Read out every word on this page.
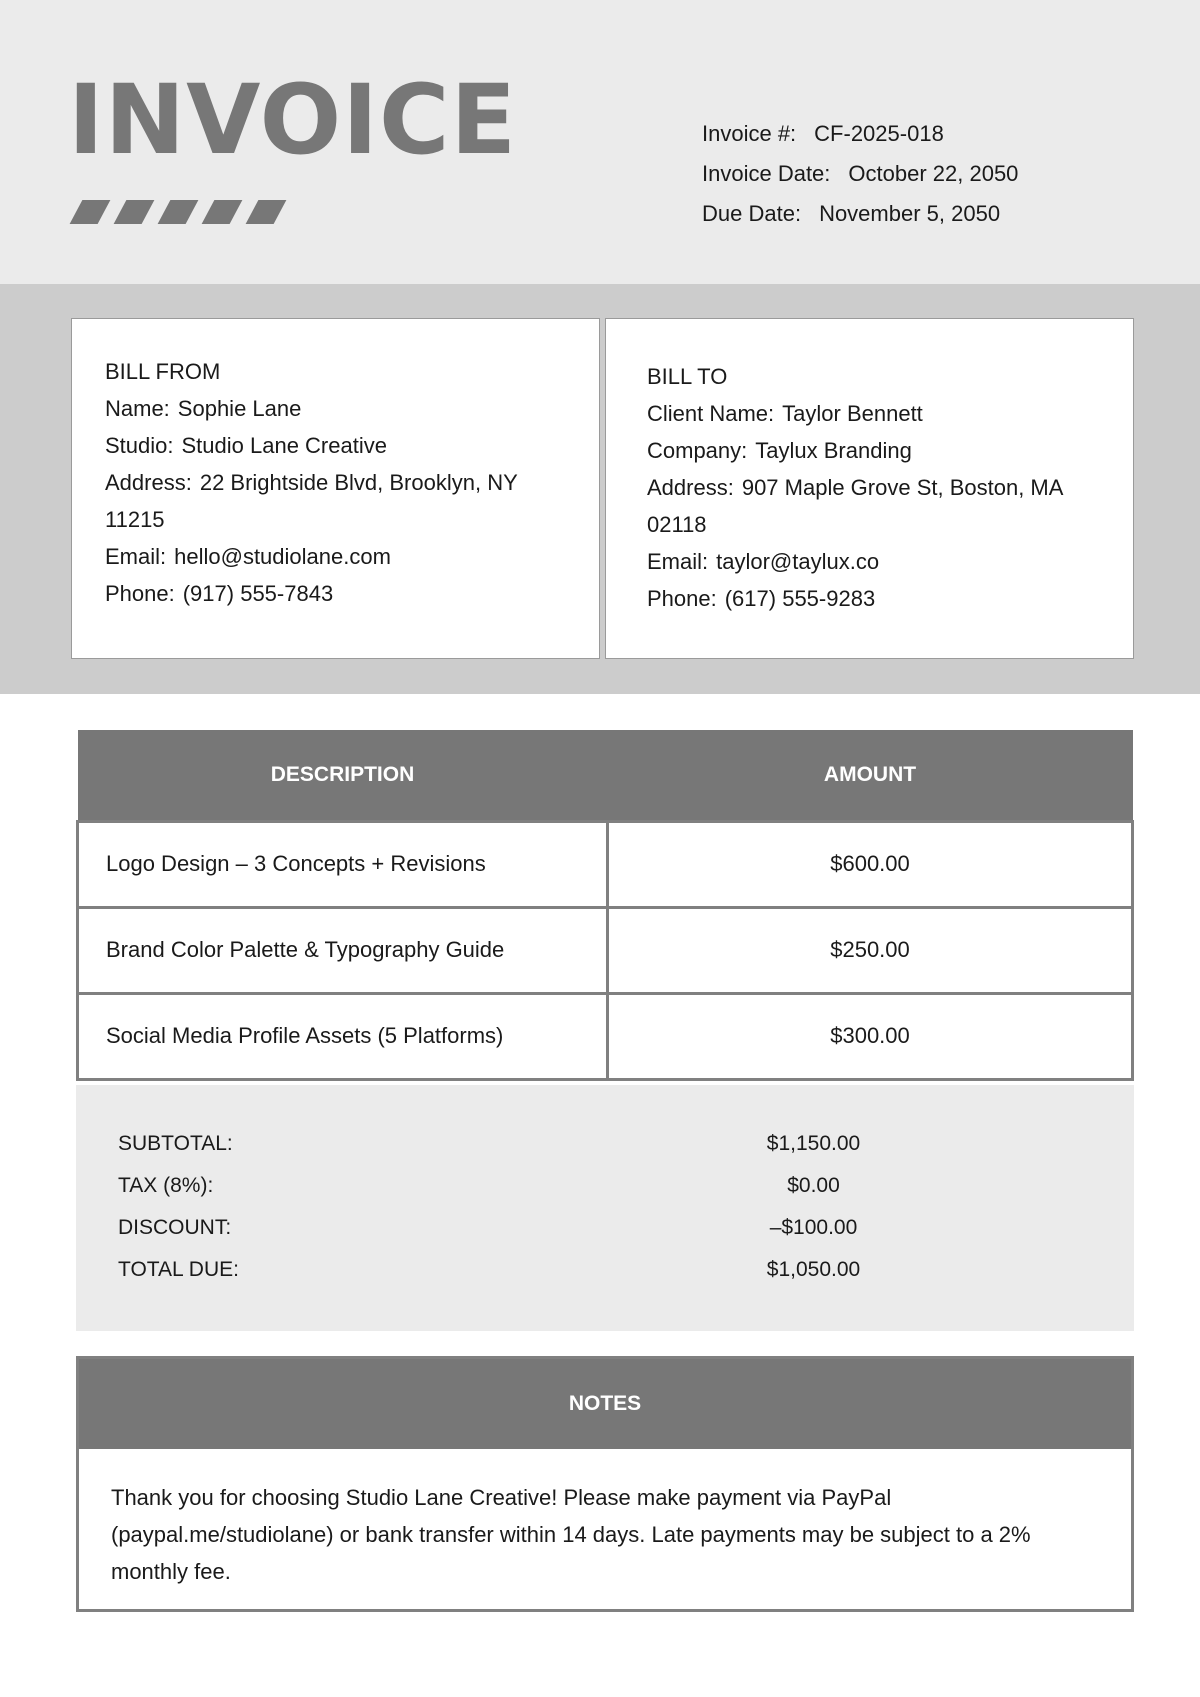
INVOICE	Invoice #: CF-2025-018
Invoice Date: October 22, 2050
Due Date: November 5, 2050
BILL FROM
Name: Sophie Lane
Studio: Studio Lane Creative
Address: 22 Brightside Blvd, Brooklyn, NY 11215
Email: hello@studiolane.com
Phone: (917) 555-7843
BILL TO
Client Name: Taylor Bennett
Company: Taylux Branding
Address: 907 Maple Grove St, Boston, MA 02118
Email: taylor@taylux.co
Phone: (617) 555-9283
DESCRIPTION	AMOUNT
Logo Design – 3 Concepts + Revisions	$600.00
Brand Color Palette & Typography Guide	$250.00
Social Media Profile Assets (5 Platforms)	$300.00
SUBTOTAL:	$1,150.00
TAX (8%):	$0.00
DISCOUNT:	–$100.00
TOTAL DUE:	$1,050.00
NOTES
Thank you for choosing Studio Lane Creative! Please make payment via PayPal (paypal.me/studiolane) or bank transfer within 14 days. Late payments may be subject to a 2% monthly fee.
